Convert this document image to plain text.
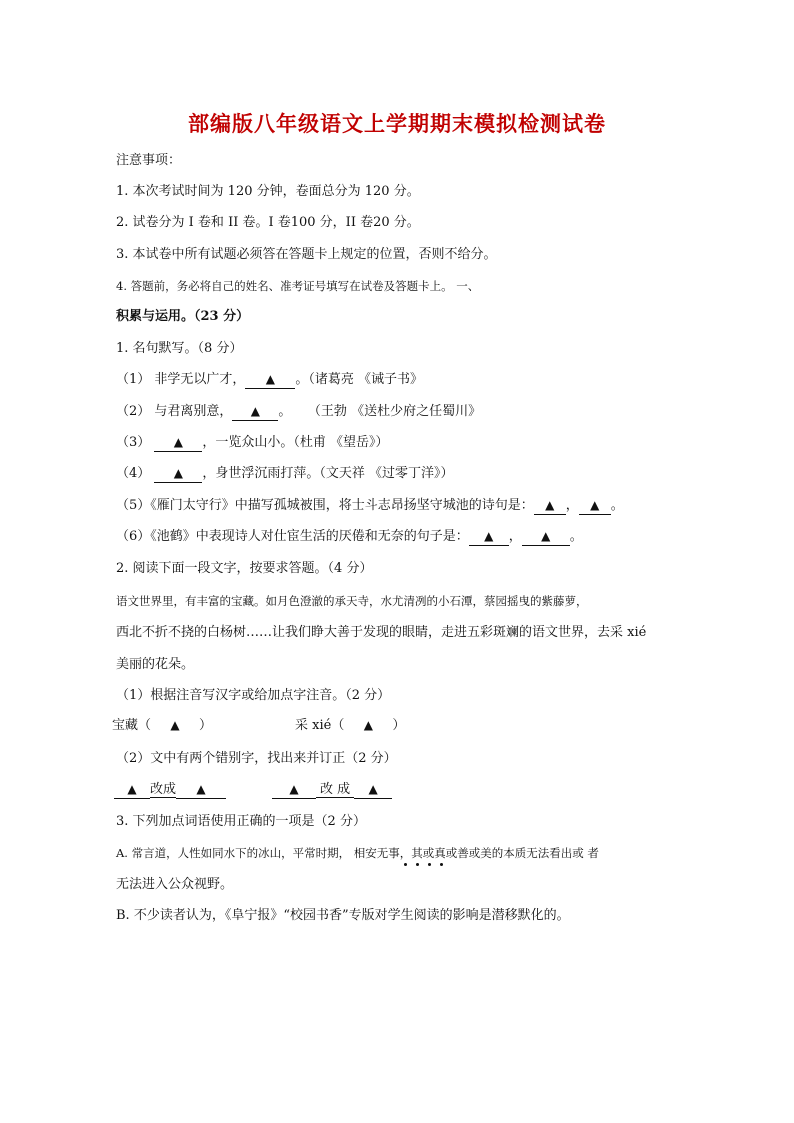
部编版八年级语文上学期期末模拟检测试卷
注意事项：
1. 本次考试时间为 120 分钟，卷面总分为 120 分。
2. 试卷分为 I 卷和 II 卷。I 卷100 分，II 卷20 分。
3. 本试卷中所有试题必须答在答题卡上规定的位置，否则不给分。
4. 答题前，务必将自己的姓名、准考证号填写在试卷及答题卡上。 一、
积累与运用。（23 分）
1. 名句默写。（8 分）
（1） 非学无以广才， ▲ 。（诸葛亮 《诫子书》
（2） 与君离别意， ▲ 。    （王勃 《送杜少府之任蜀川》
（3） ▲ ，一览众山小。（杜甫 《望岳》）
（4） ▲ ，身世浮沉雨打萍。（文天祥 《过零丁洋》）
（5）《雁门太守行》中描写孤城被围，将士斗志昂扬坚守城池的诗句是： ▲ ， ▲ 。
（6）《池鹤》中表现诗人对仕宦生活的厌倦和无奈的句子是： ▲ ， ▲ 。
2. 阅读下面一段文字，按要求答题。（4 分）
语文世界里，有丰富的宝藏。如月色澄澈的承天寺，水尤清冽的小石潭，蔡园摇曳的紫藤萝，
西北不折不挠的白杨树……让我们睁大善于发现的眼睛，走进五彩斑斓的语文世界，去采 xié
美丽的花朵。
（1）根据注音写汉字或给加点字注音。（2 分）
宝藏（ ▲ ）	采 xié（ ▲ ）
（2）文中有两个错别字，找出来并订正（2 分）
▲ 改成 ▲	▲ 改 成 ▲
3. 下列加点词语使用正确的一项是（2 分）
A. 常言道，人性如同水下的冰山，平常时期， 相安无事，其或真或善或美的本质无法看出或 者
无法进入公众视野。
B. 不少读者认为，《阜宁报》“校园书香”专版对学生阅读的影响是潜移默化的。
